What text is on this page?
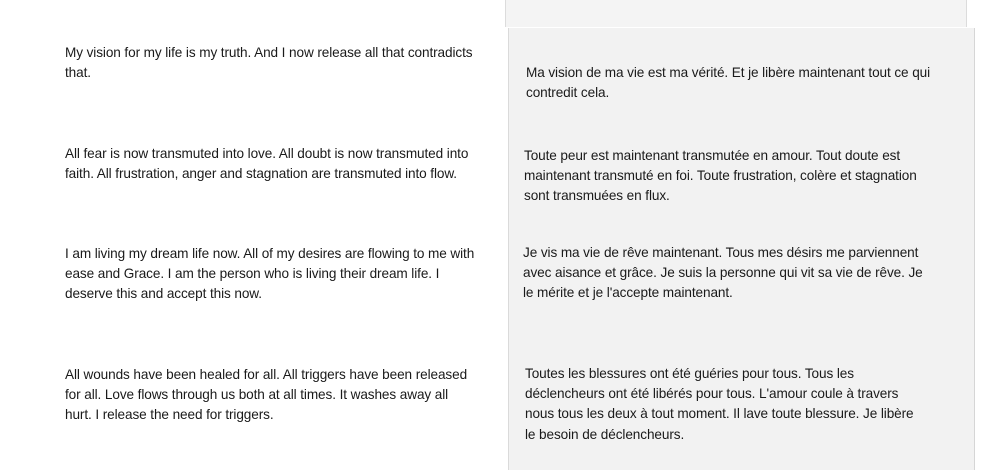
My vision for my life is my truth. And I now release all that contradicts that.

All fear is now transmuted into love. All doubt is now transmuted into faith. All frustration, anger and stagnation are transmuted into flow.

I am living my dream life now. All of my desires are flowing to me with ease and Grace. I am the person who is living their dream life. I deserve this and accept this now.

All wounds have been healed for all. All triggers have been released for all. Love flows through us both at all times. It washes away all hurt. I release the need for triggers.

Ma vision de ma vie est ma vérité. Et je libère maintenant tout ce qui contredit cela.

Toute peur est maintenant transmutée en amour. Tout doute est maintenant transmuté en foi. Toute frustration, colère et stagnation sont transmuées en flux.

Je vis ma vie de rêve maintenant. Tous mes désirs me parviennent avec aisance et grâce. Je suis la personne qui vit sa vie de rêve. Je le mérite et je l'accepte maintenant.

Toutes les blessures ont été guéries pour tous. Tous les déclencheurs ont été libérés pour tous. L'amour coule à travers nous tous les deux à tout moment. Il lave toute blessure. Je libère le besoin de déclencheurs.
